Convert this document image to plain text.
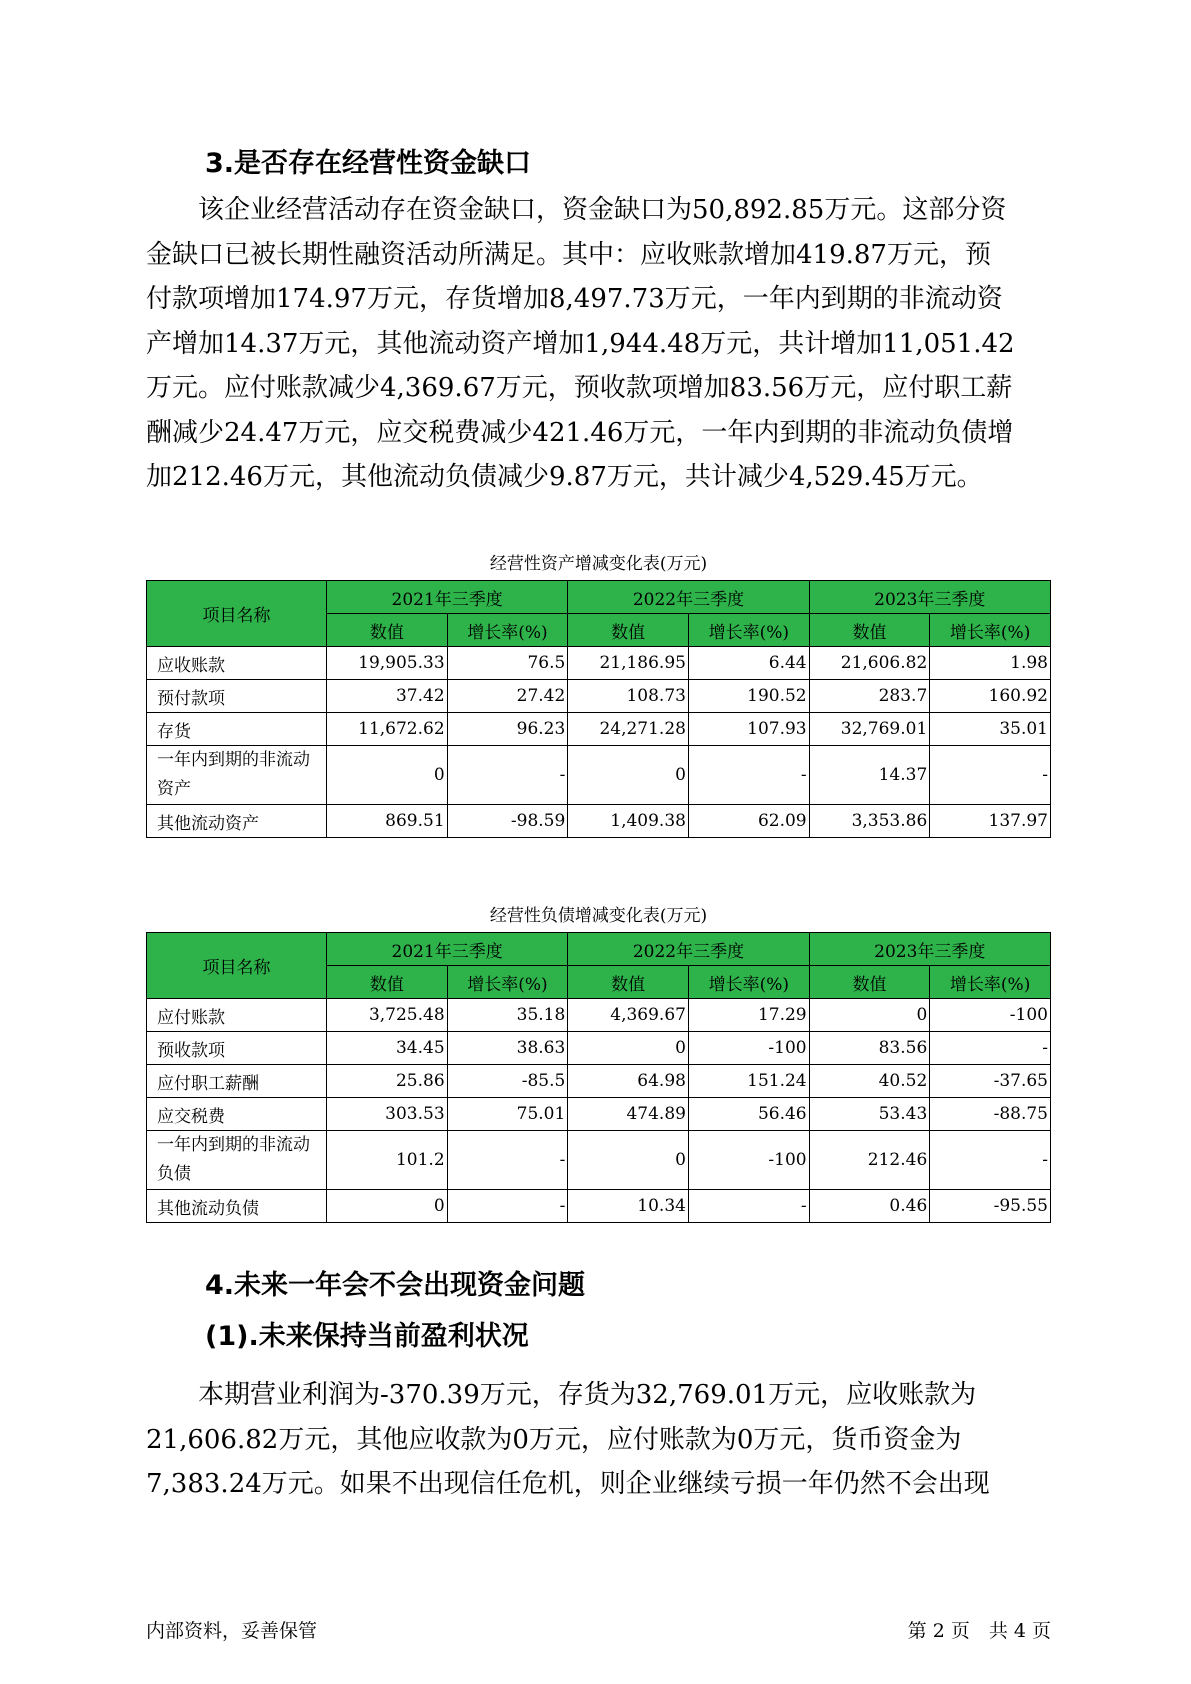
3.是否存在经营性资金缺口
　　该企业经营活动存在资金缺口，资金缺口为50,892.85万元。这部分资
金缺口已被长期性融资活动所满足。其中：应收账款增加419.87万元，预
付款项增加174.97万元，存货增加8,497.73万元，一年内到期的非流动资
产增加14.37万元，其他流动资产增加1,944.48万元，共计增加11,051.42
万元。应付账款减少4,369.67万元，预收款项增加83.56万元，应付职工薪
酬减少24.47万元，应交税费减少421.46万元，一年内到期的非流动负债增
加212.46万元，其他流动负债减少9.87万元，共计减少4,529.45万元。

经营性资产增减变化表(万元)

项目名称	2021年三季度		2022年三季度		2023年三季度	
	数值	增长率(%)	数值	增长率(%)	数值	增长率(%)
应收账款	19,905.33	76.5	21,186.95	6.44	21,606.82	1.98
预付款项	37.42	27.42	108.73	190.52	283.7	160.92
存货	11,672.62	96.23	24,271.28	107.93	32,769.01	35.01
一年内到期的非流动资产	0	-	0	-	14.37	-
其他流动资产	869.51	-98.59	1,409.38	62.09	3,353.86	137.97

经营性负债增减变化表(万元)

项目名称	2021年三季度		2022年三季度		2023年三季度	
	数值	增长率(%)	数值	增长率(%)	数值	增长率(%)
应付账款	3,725.48	35.18	4,369.67	17.29	0	-100
预收款项	34.45	38.63	0	-100	83.56	-
应付职工薪酬	25.86	-85.5	64.98	151.24	40.52	-37.65
应交税费	303.53	75.01	474.89	56.46	53.43	-88.75
一年内到期的非流动负债	101.2	-	0	-100	212.46	-
其他流动负债	0	-	10.34	-	0.46	-95.55
4.未来一年会不会出现资金问题
(1).未来保持当前盈利状况
　　本期营业利润为-370.39万元，存货为32,769.01万元，应收账款为
21,606.82万元，其他应收款为0万元，应付账款为0万元，货币资金为
7,383.24万元。如果不出现信任危机，则企业继续亏损一年仍然不会出现

内部资料，妥善保管	第 2 页　共 4 页
